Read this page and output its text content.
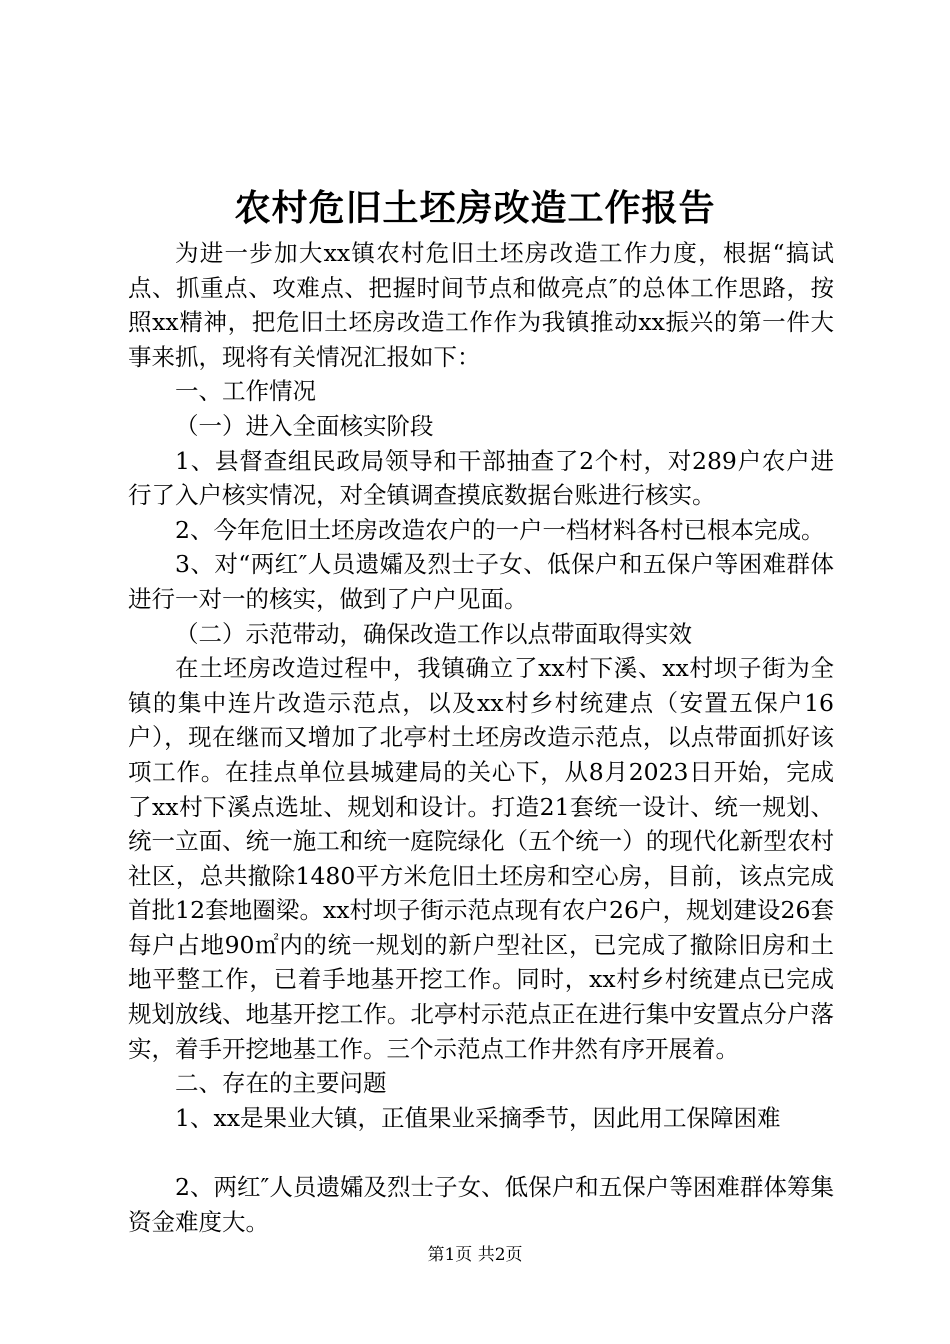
农村危旧土坯房改造工作报告

为进一步加大xx镇农村危旧土坯房改造工作力度，根据“搞试点、抓重点、攻难点、把握时间节点和做亮点″的总体工作思路，按照xx精神，把危旧土坯房改造工作作为我镇推动xx振兴的第一件大事来抓，现将有关情况汇报如下：

一、工作情况

（一）进入全面核实阶段

1、县督查组民政局领导和干部抽查了2个村，对289户农户进行了入户核实情况，对全镇调查摸底数据台账进行核实。

2、今年危旧土坯房改造农户的一户一档材料各村已根本完成。

3、对“两红″人员遗孀及烈士子女、低保户和五保户等困难群体进行一对一的核实，做到了户户见面。

（二）示范带动，确保改造工作以点带面取得实效

在土坯房改造过程中，我镇确立了xx村下溪、xx村坝子街为全镇的集中连片改造示范点，以及xx村乡村统建点（安置五保户16户），现在继而又增加了北亭村土坯房改造示范点，以点带面抓好该项工作。在挂点单位县城建局的关心下，从8月2023日开始，完成了xx村下溪点选址、规划和设计。打造21套统一设计、统一规划、统一立面、统一施工和统一庭院绿化（五个统一）的现代化新型农村社区，总共撤除1480平方米危旧土坯房和空心房，目前，该点完成首批12套地圈梁。xx村坝子街示范点现有农户26户，规划建设26套每户占地90㎡内的统一规划的新户型社区，已完成了撤除旧房和土地平整工作，已着手地基开挖工作。同时，xx村乡村统建点已完成规划放线、地基开挖工作。北亭村示范点正在进行集中安置点分户落实，着手开挖地基工作。三个示范点工作井然有序开展着。

二、存在的主要问题

1、xx是果业大镇，正值果业采摘季节，因此用工保障困难

2、两红″人员遗孀及烈士子女、低保户和五保户等困难群体筹集资金难度大。

第1页 共2页
